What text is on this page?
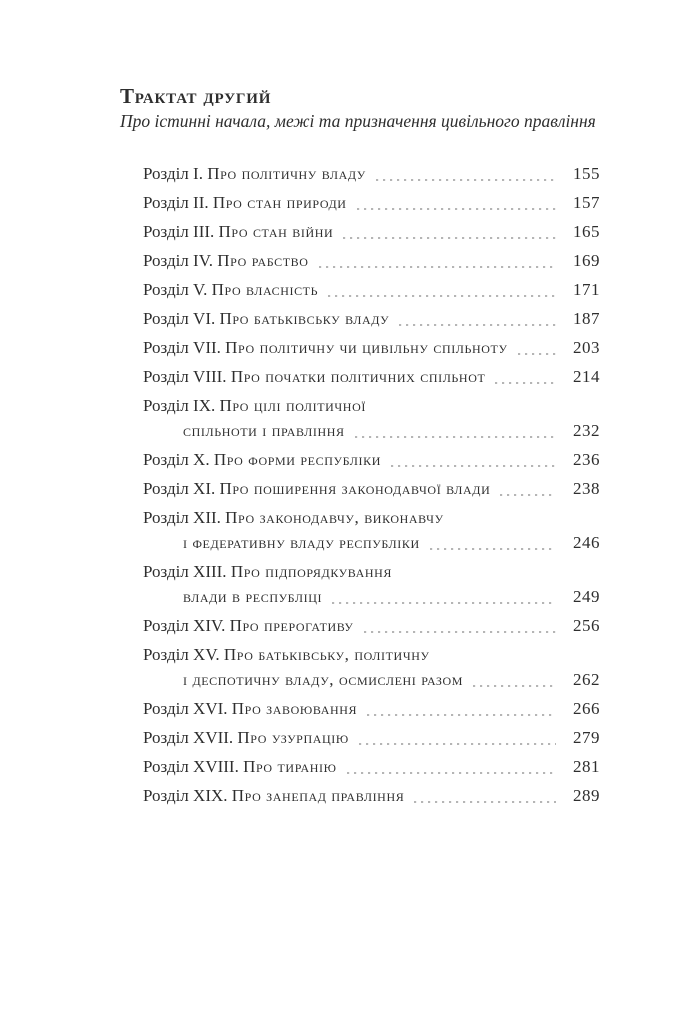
Трактат другий

Про істинні начала, межі та призначення цивільного правління

Розділ I. Про політичну владу	155
Розділ II. Про стан природи	157
Розділ III. Про стан війни	165
Розділ IV. Про рабство	169
Розділ V. Про власність	171
Розділ VI. Про батьківську владу	187
Розділ VII. Про політичну чи цивільну спільноту	203
Розділ VIII. Про початки політичних спільнот	214
Розділ IX. Про цілі політичної
спільноти і правління	232
Розділ X. Про форми республіки	236
Розділ XI. Про поширення законодавчої влади	238
Розділ XII. Про законодавчу, виконавчу
і федеративну владу республіки	246
Розділ XIII. Про підпорядкування
влади в республіці	249
Розділ XIV. Про прерогативу	256
Розділ XV. Про батьківську, політичну
і деспотичну владу, осмислені разом	262
Розділ XVI. Про завоювання	266
Розділ XVII. Про узурпацію	279
Розділ XVIII. Про тиранію	281
Розділ XIX. Про занепад правління	289
